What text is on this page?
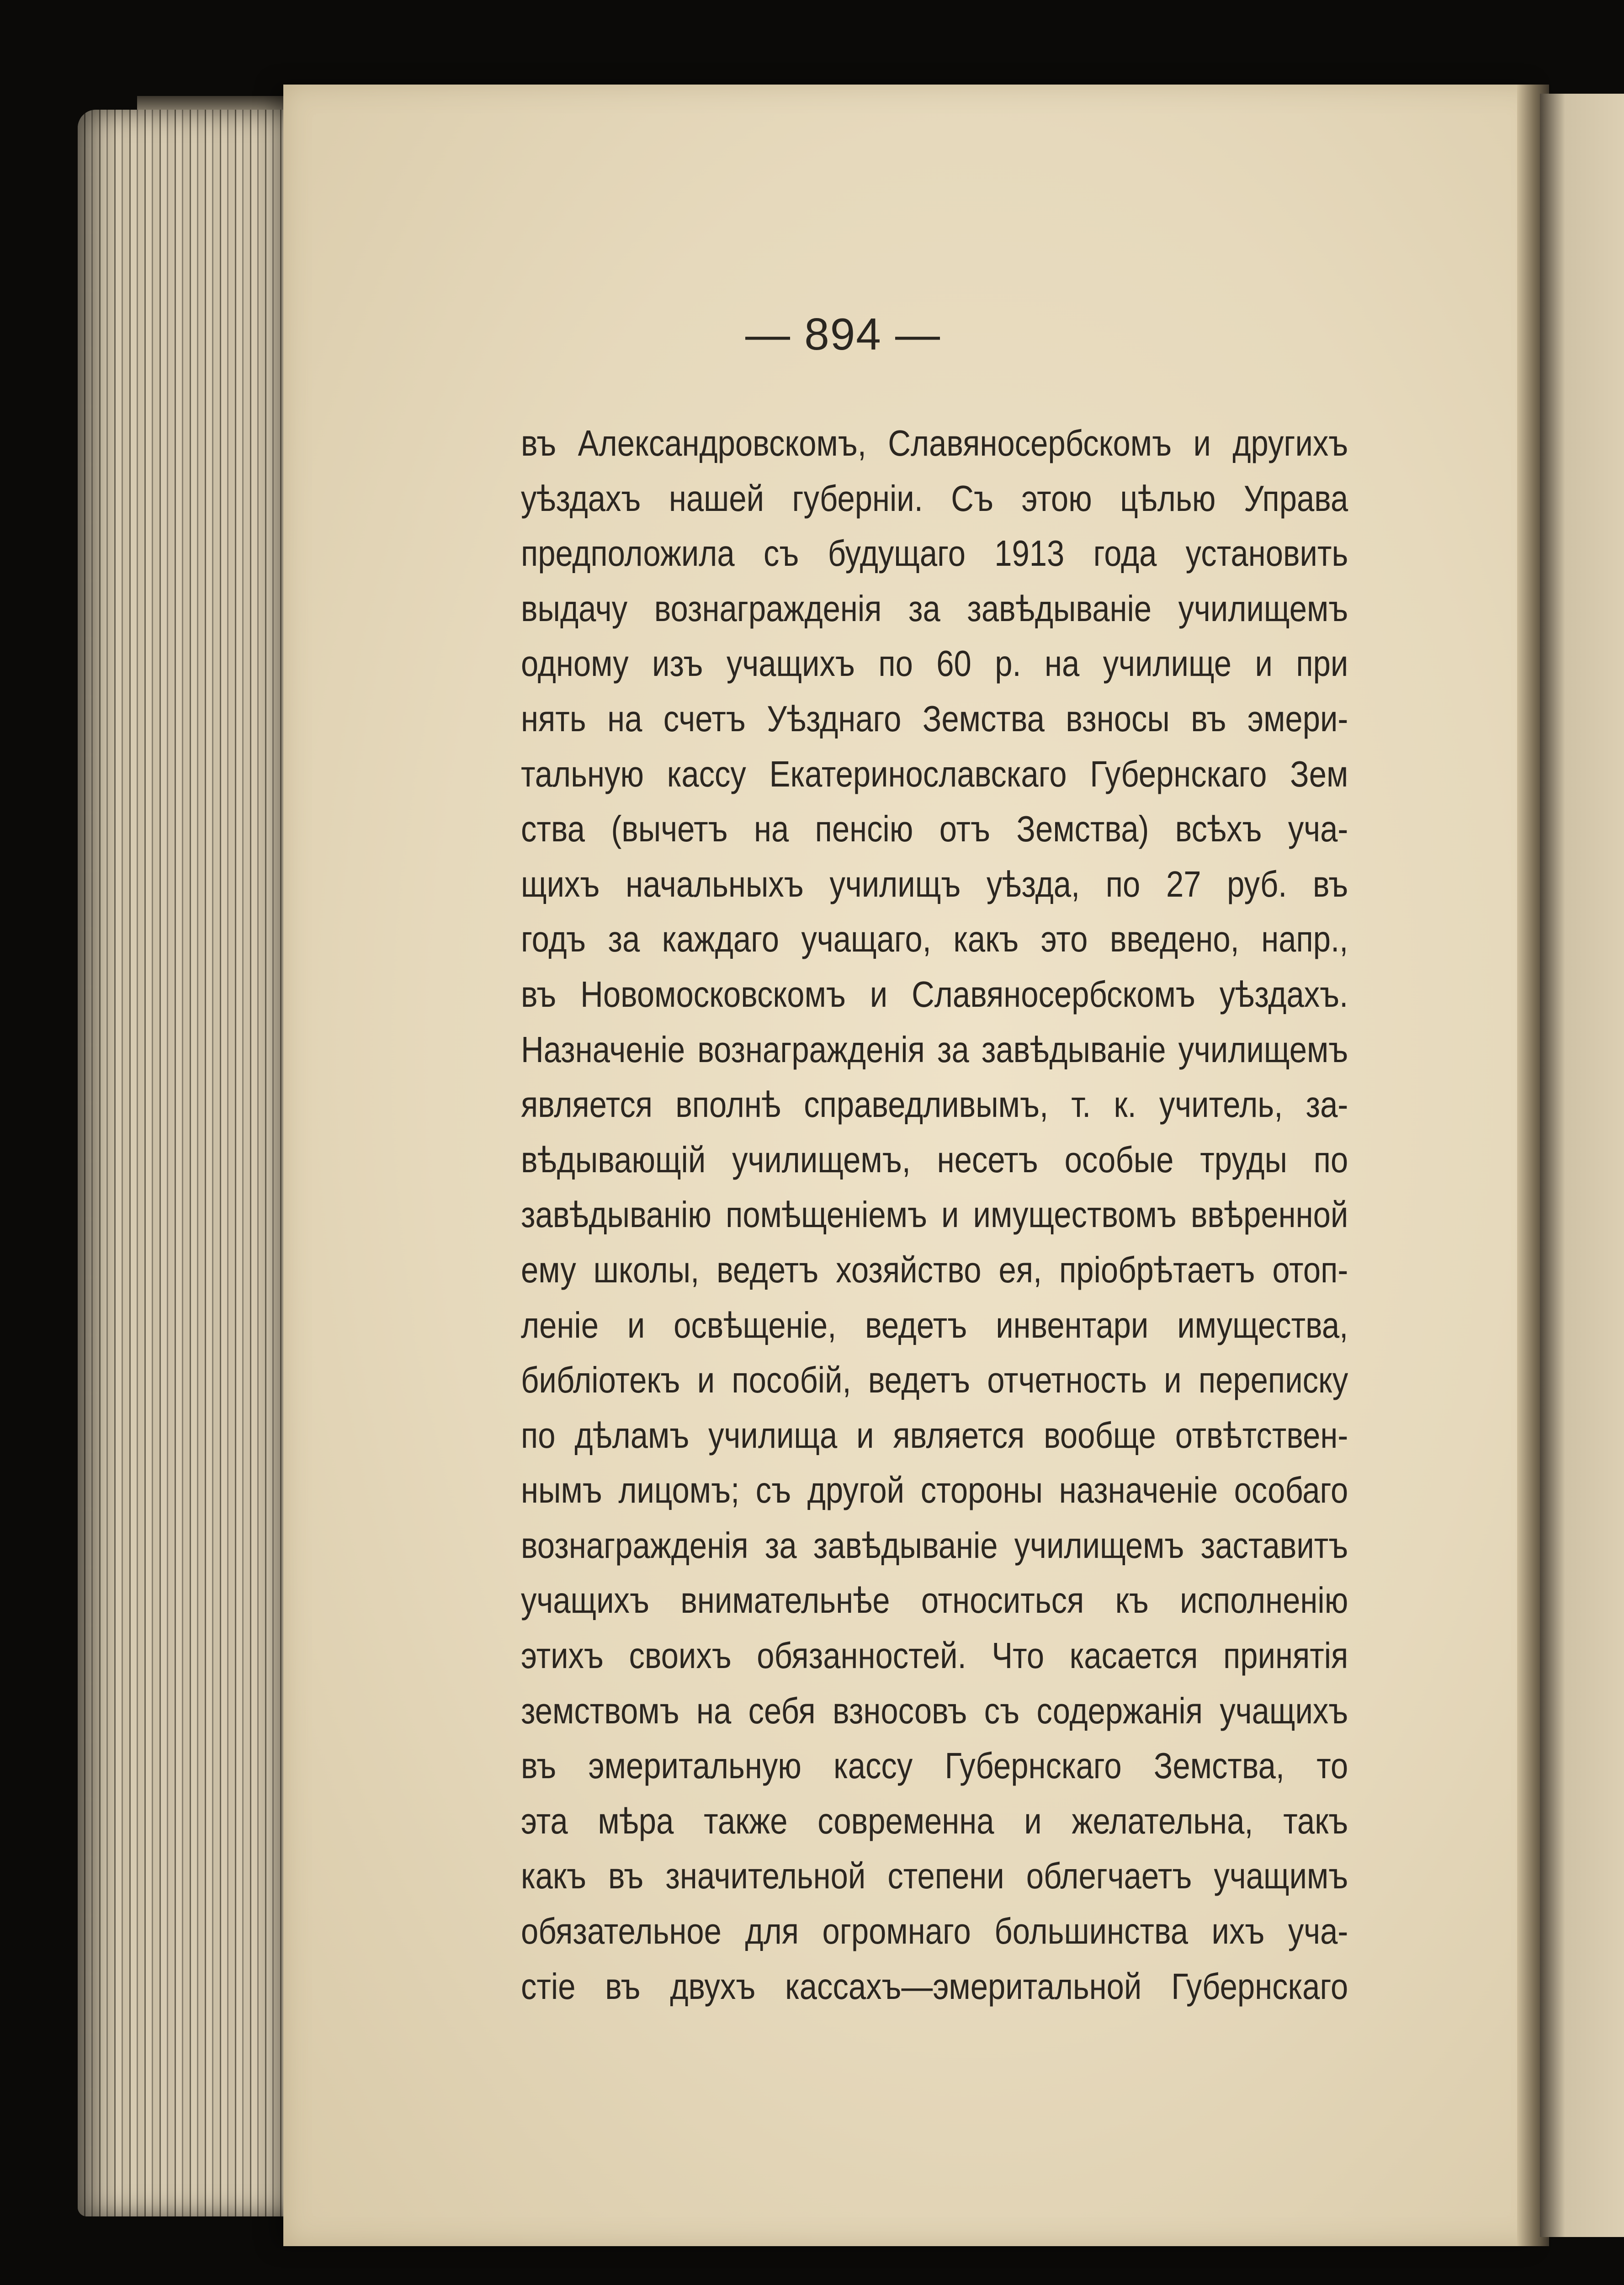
— 894 —
въ Александровскомъ, Славяносербскомъ и другихъ
уѣздахъ нашей губерніи. Съ этою цѣлью Управа
предположила съ будущаго 1913 года установить
выдачу вознагражденія за завѣдываніе училищемъ
одному изъ учащихъ по 60 р. на училище и при
нять на счетъ Уѣзднаго Земства взносы въ эмери-
тальную кассу Екатеринославскаго Губернскаго Зем
ства (вычетъ на пенсію отъ Земства) всѣхъ уча-
щихъ начальныхъ училищъ уѣзда, по 27 руб. въ
годъ за каждаго учащаго, какъ это введено, напр.,
въ Новомосковскомъ и Славяносербскомъ уѣздахъ.
Назначеніе вознагражденія за завѣдываніе училищемъ
является вполнѣ справедливымъ, т. к. учитель, за-
вѣдывающій училищемъ, несетъ особые труды по
завѣдыванію помѣщеніемъ и имуществомъ ввѣренной
ему школы, ведетъ хозяйство ея, пріобрѣтаетъ отоп-
леніе и освѣщеніе, ведетъ инвентари имущества,
библіотекъ и пособій, ведетъ отчетность и переписку
по дѣламъ училища и является вообще отвѣтствен-
нымъ лицомъ; съ другой стороны назначеніе особаго
вознагражденія за завѣдываніе училищемъ заставитъ
учащихъ внимательнѣе относиться къ исполненію
этихъ своихъ обязанностей. Что касается принятія
земствомъ на себя взносовъ съ содержанія учащихъ
въ эмеритальную кассу Губернскаго Земства, то
эта мѣра также современна и желательна, такъ
какъ въ значительной степени облегчаетъ учащимъ
обязательное для огромнаго большинства ихъ уча-
стіе въ двухъ кассахъ—эмеритальной Губернскаго
